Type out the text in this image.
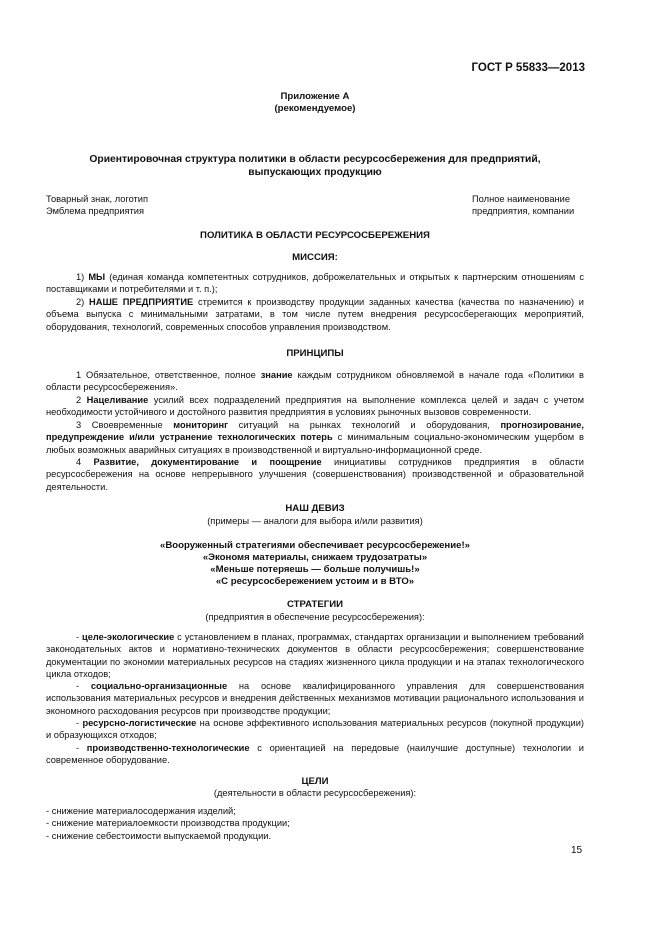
ГОСТ Р 55833—2013
Приложение А
(рекомендуемое)
Ориентировочная структура политики в области ресурсосбережения для предприятий,
выпускающих продукцию
Товарный знак, логотип
Эмблема предприятия
Полное наименование
предприятия, компании
ПОЛИТИКА В ОБЛАСТИ РЕСУРСОСБЕРЕЖЕНИЯ
МИССИЯ:
1) МЫ (единая команда компетентных сотрудников, доброжелательных и открытых к партнерским отношениям с поставщиками и потребителями и т. п.);
2) НАШЕ ПРЕДПРИЯТИЕ стремится к производству продукции заданных качества (качества по назначению) и объема выпуска с минимальными затратами, в том числе путем внедрения ресурсосберегающих мероприятий, оборудования, технологий, современных способов управления производством.
ПРИНЦИПЫ
1 Обязательное, ответственное, полное знание каждым сотрудником обновляемой в начале года «Политики в области ресурсосбережения».
2 Нацеливание усилий всех подразделений предприятия на выполнение комплекса целей и задач с учетом необходимости устойчивого и достойного развития предприятия в условиях рыночных вызовов современности.
3 Своевременные мониторинг ситуаций на рынках технологий и оборудования, прогнозирование, предупреждение и/или устранение технологических потерь с минимальным социально-экономическим ущербом в любых возможных аварийных ситуациях в производственной и виртуально-информационной среде.
4 Развитие, документирование и поощрение инициативы сотрудников предприятия в области ресурсосбережения на основе непрерывного улучшения (совершенствования) производственной и образовательной деятельности.
НАШ ДЕВИЗ
(примеры — аналоги для выбора и/или развития)
«Вооруженный стратегиями обеспечивает ресурсосбережение!»
«Экономя материалы, снижаем трудозатраты»
«Меньше потеряешь — больше получишь!»
«С ресурсосбережением устоим и в ВТО»
СТРАТЕГИИ
(предприятия в обеспечение ресурсосбережения):
- целе-экологические с установлением в планах, программах, стандартах организации и выполнением требований законодательных актов и нормативно-технических документов в области ресурсосбережения; совершенствование документации по экономии материальных ресурсов на стадиях жизненного цикла продукции и на этапах технологического цикла отходов;
- социально-организационные на основе квалифицированного управления для совершенствования использования материальных ресурсов и внедрения действенных механизмов мотивации рационального использования и экономного расходования ресурсов при производстве продукции;
- ресурсно-логистические на основе эффективного использования материальных ресурсов (покупной продукции) и образующихся отходов;
- производственно-технологические с ориентацией на передовые (наилучшие доступные) технологии и современное оборудование.
ЦЕЛИ
(деятельности в области ресурсосбережения):
- снижение материалосодержания изделий;
- снижение материалоемкости производства продукции;
- снижение себестоимости выпускаемой продукции.
15
